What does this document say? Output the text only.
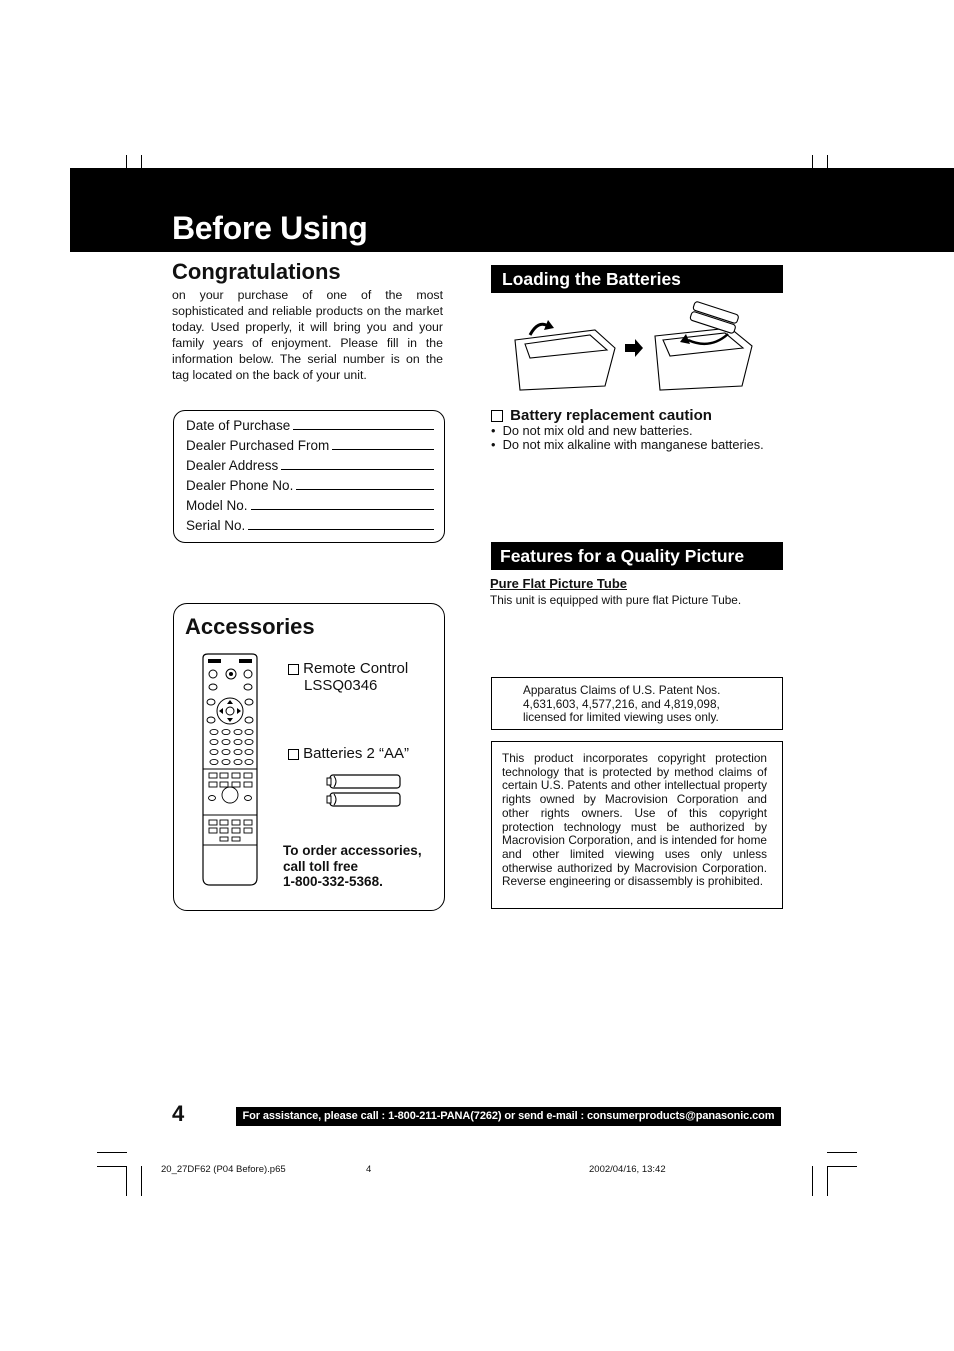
Before Using
Congratulations
on your purchase of one of the most sophisticated and reliable products on the market today. Used properly, it will bring you and your family years of enjoyment. Please fill in the information below. The serial number is on the tag located on the back of your unit.
Date of Purchase
Dealer Purchased From
Dealer Address
Dealer Phone No.
Model No.
Serial No.
Accessories
Remote Control
LSSQ0346
Batteries 2 “AA”
To order accessories,
call toll free
1-800-332-5368.
Loading the Batteries
Battery replacement caution
•  Do not mix old and new batteries.
•  Do not mix alkaline with manganese batteries.
Features for a Quality Picture
Pure Flat Picture Tube
This unit is equipped with pure flat Picture Tube.
Apparatus Claims of U.S. Patent Nos.
4,631,603, 4,577,216, and 4,819,098,
licensed for limited viewing uses only.
This product incorporates copyright protection technology that is protected by method claims of certain U.S. Patents and other intellectual property rights owned by Macrovision Corporation and other rights owners. Use of this copyright protection technology must be authorized by Macrovision Corporation, and is intended for home and other limited viewing uses only unless otherwise authorized by Macrovision Corporation. Reverse engineering or disassembly is prohibited.
4	For assistance, please call : 1-800-211-PANA(7262) or send e-mail : consumerproducts@panasonic.com
20_27DF62 (P04 Before).p65	4	2002/04/16, 13:42
